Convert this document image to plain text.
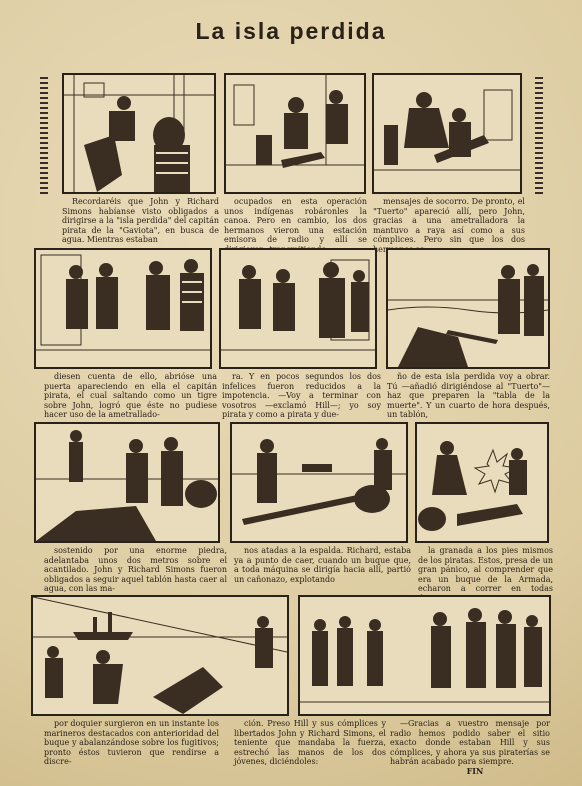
La isla perdida

Recordaréis que John y Richard Simons habíanse visto obligados a dirigirse a la "isla perdida" del capitán pirata de la "Gaviota", en busca de agua. Mientras estaban

ocupados en esta operación unos indígenas robáronles la canoa. Pero en cambio, los dos hermanos vieron una estación emisora de radio y allí se

mensajes de socorro. De pronto, el "Tuerto" apareció allí, pero John, gracias a una ametralladora la mantuvo a raya así como a sus cómplices. Pero sin que los dos

diesen cuenta de ello, abrióse una puerta apareciendo en ella el capitán pirata, el cual saltando como un tigre sobre John, logró que éste no pudiese hacer uso de la ametrallado-

ra. Y en pocos segundos los dos infelices fueron reducidos a la impotencia. —Voy a terminar con vosotros —exclamó Hill—; yo soy pirata y como a pirata y due-

ño de esta isla perdida voy a obrar. Tú —añadió dirigiéndose al "Tuerto"— haz que preparen la "tabla de la muerte". Y un cuarto de hora después, un tablón,

sostenido por una enorme piedra, adelantaba unos dos metros sobre el acantilado. John y Richard Simons fueron obligados a seguir aquel tablón hasta caer al agua, con las ma-

nos atadas a la espalda. Richard, estaba ya a punto de caer, cuando un buque que, a toda máquina se dirigía hacia allí, partió un cañonazo, explotando

la granada a los pies mismos de los piratas. Estos, presa de un gran pánico, al comprender que era un buque de la Armada, echaron a correr en todas

por doquier surgieron en un instante los marineros destacados con anterioridad del buque y abalanzándose sobre los fugitivos; pronto éstos tuvieron que rendirse a discre-

ción. Preso Hill y sus cómplices y libertados John y Richard Simons, el teniente que mandaba la fuerza, estrechó las manos de los dos jóvenes, diciéndoles:

—Gracias a vuestro mensaje por radio hemos podido saber el sitio exacto donde estaban Hill y sus cómplices, y ahora ya sus piraterías se habrán acabado para siempre.

FIN
